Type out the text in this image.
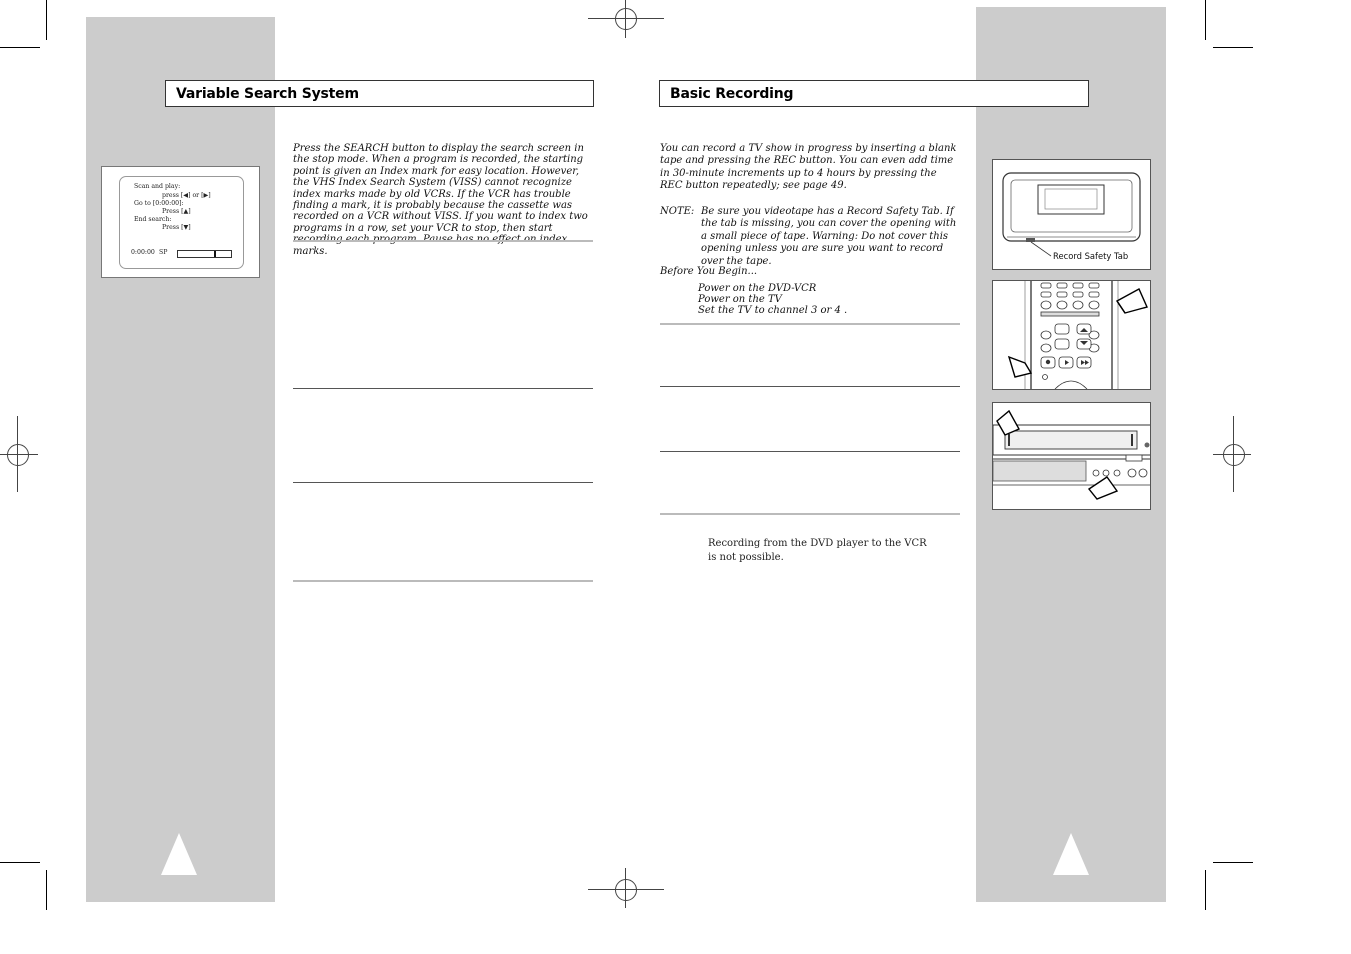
Variable Search System
Press the SEARCH button to display the search screen in the stop mode. When a program is recorded, the starting point is given an Index mark for easy location. However, the VHS Index Search System (VISS) cannot recognize index marks made by old VCRs. If the VCR has trouble finding a mark, it is probably because the cassette was recorded on a VCR without VISS. If you want to index two programs in a row, set your VCR to stop, then start marks.
Scan and play:
press [◀] or [▶]
Go to [0:00:00]:
Press [▲]
End search:
Press [▼]
0:00:00 SP
Basic Recording
You can record a TV show in progress by inserting a blank tape and pressing the REC button. You can even add time in 30-minute increments up to 4 hours by pressing the REC button repeatedly; see page 49.
NOTE: Be sure you videotape has a Record Safety Tab. If the tab is missing, you can cover the opening with a small piece of tape. Warning: Do not cover this opening unless you are sure you want to record over the tape.
Before You Begin...
Power on the DVD-VCR
Power on the TV
Set the TV to channel 3 or 4 .
Recording from the DVD player to the VCR is not possible.
Record Safety Tab
